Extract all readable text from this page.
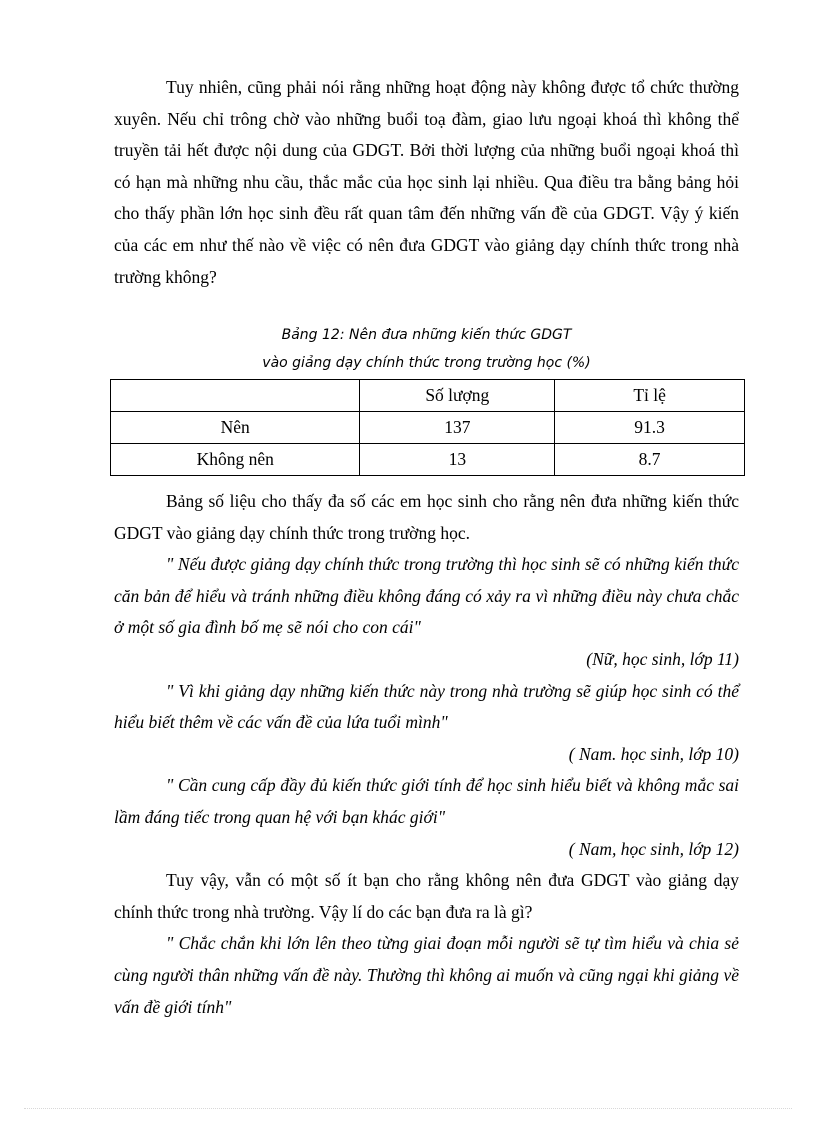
Tuy nhiên, cũng phải nói rằng những hoạt động này không được tổ chức thường xuyên. Nếu chỉ trông chờ vào những buổi toạ đàm, giao lưu ngoại khoá thì không thể truyền tải hết được nội dung của GDGT. Bởi thời lượng của những buổi ngoại khoá thì có hạn mà những nhu cầu, thắc mắc của học sinh lại nhiều. Qua điều tra bằng bảng hỏi cho thấy phần lớn học sinh đều rất quan tâm đến những vấn đề của GDGT. Vậy ý kiến của các em như thế nào về việc có nên đưa GDGT vào giảng dạy chính thức trong nhà trường không?

Bảng 12: Nên đưa những kiến thức GDGT
vào giảng dạy chính thức trong trường học (%)
	Số lượng	Tỉ lệ
Nên	137	91.3
Không nên	13	8.7

Bảng số liệu cho thấy đa số các em học sinh cho rằng nên đưa những kiến thức GDGT vào giảng dạy chính thức trong trường học.

" Nếu được giảng dạy chính thức trong trường thì học sinh sẽ có những kiến thức căn bản để hiểu và tránh những điều không đáng có xảy ra vì những điều này chưa chắc ở một số gia đình bố mẹ sẽ nói cho con cái"

(Nữ, học sinh, lớp 11)

" Vì khi giảng dạy những kiến thức này trong nhà trường sẽ giúp học sinh có thể hiểu biết thêm về các vấn đề của lứa tuổi mình"

( Nam. học sinh, lớp 10)

" Cần cung cấp đầy đủ kiến thức giới tính để học sinh hiểu biết và không mắc sai lầm đáng tiếc trong quan hệ với bạn khác giới"

( Nam, học sinh, lớp 12)

Tuy vậy, vẫn có một số ít bạn cho rằng không nên đưa GDGT vào giảng dạy chính thức trong nhà trường. Vậy lí do các bạn đưa ra là gì?

" Chắc chắn khi lớn lên theo từng giai đoạn mỗi người sẽ tự tìm hiểu và chia sẻ cùng người thân những vấn đề này. Thường thì không ai muốn và cũng ngại khi giảng về vấn đề giới tính"
